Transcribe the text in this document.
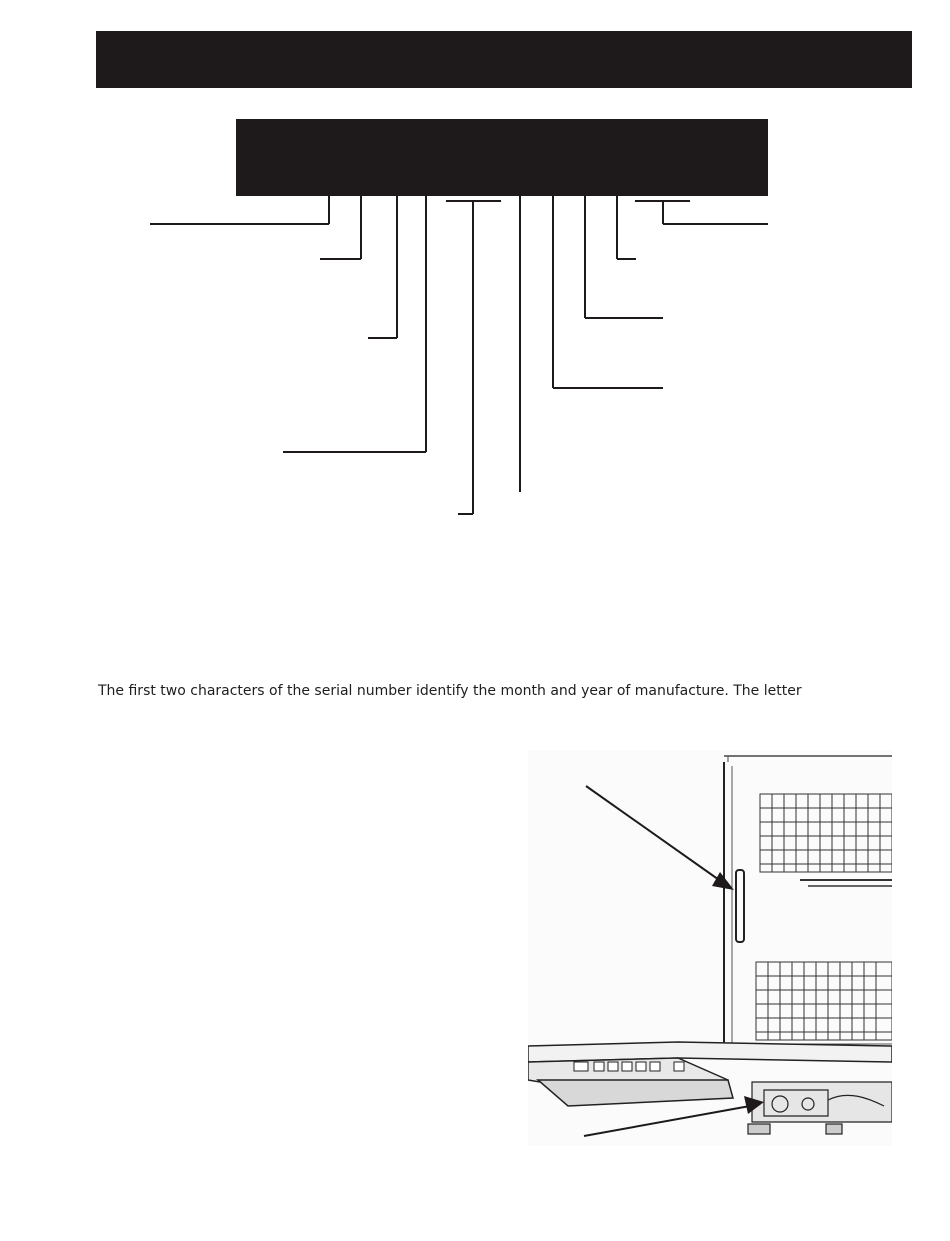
The first two characters of the serial number identify the month and year of manufacture. The letter
